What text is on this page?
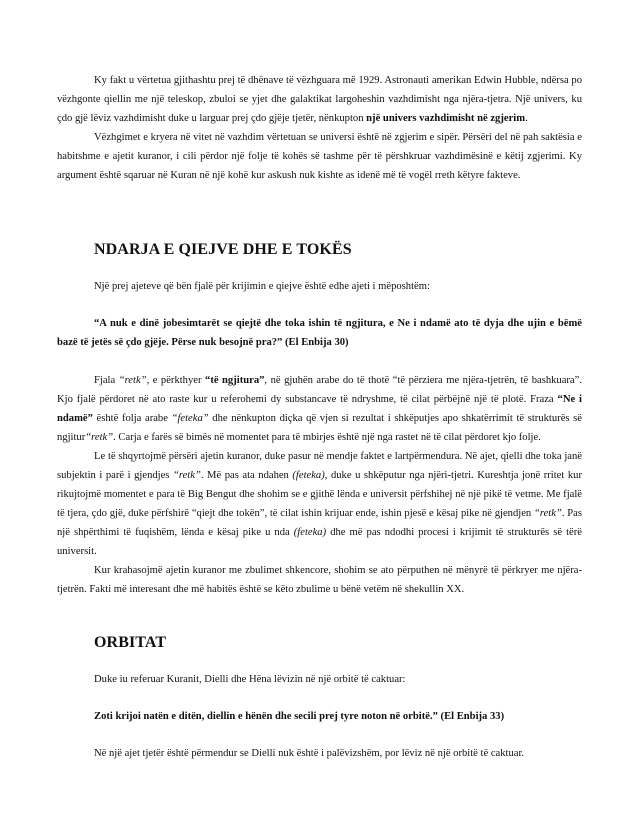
Ky fakt u vërtetua gjithashtu prej të dhënave të vëzhguara më 1929. Astronauti amerikan Edwin Hubble, ndërsa po vëzhgonte qiellin me një teleskop, zbuloi se yjet dhe galaktikat largoheshin vazhdimisht nga njëra-tjetra. Një univers, ku çdo gjë lëviz vazhdimisht duke u larguar prej çdo gjëje tjetër, nënkupton një univers vazhdimisht në zgjerim.

Vëzhgimet e kryera në vitet në vazhdim vërtetuan se universi është në zgjerim e sipër. Përsëri del në pah saktësia e habitshme e ajetit kuranor, i cili përdor një folje të kohës së tashme për të përshkruar vazhdimësinë e këtij zgjerimi. Ky argument është sqaruar në Kuran në një kohë kur askush nuk kishte as idenë më të vogël rreth këtyre fakteve.

NDARJA E QIEJVE DHE E TOKËS

Një prej ajeteve që bën fjalë për krijimin e qiejve është edhe ajeti i mëposhtëm:

“A nuk e dinë jobesimtarët se qiejtë dhe toka ishin të ngjitura, e Ne i ndamë ato të dyja dhe ujin e bëmë bazë të jetës së çdo gjëje. Përse nuk besojnë pra?” (El Enbija 30)

Fjala “retk”, e përkthyer “të ngjitura”, në gjuhën arabe do të thotë “të përziera me njëra-tjetrën, të bashkuara”. Kjo fjalë përdoret në ato raste kur u referohemi dy substancave të ndryshme, të cilat përbëjnë një të plotë. Fraza “Ne i ndamë” është folja arabe “feteka” dhe nënkupton diçka që vjen si rezultat i shkëputjes apo shkatërrimit të strukturës së ngjitur“retk”. Carja e farës së bimës në momentet para të mbirjes është një nga rastet në të cilat përdoret kjo folje.

Le të shqyrtojmë përsëri ajetin kuranor, duke pasur në mendje faktet e lartpërmendura. Në ajet, qielli dhe toka janë subjektin i parë i gjendjes “retk”. Më pas ata ndahen (feteka), duke u shkëputur nga njëri-tjetri. Kureshtja jonë rritet kur rikujtojmë momentet e para të Big Bengut dhe shohim se e gjithë lënda e universit përfshihej në një pikë të vetme. Me fjalë të tjera, çdo gjë, duke përfshirë “qiejt dhe tokën”, të cilat ishin krijuar ende, ishin pjesë e kësaj pike në gjendjen “retk”. Pas një shpërthimi të fuqishëm, lënda e kësaj pike u nda (feteka) dhe më pas ndodhi procesi i krijimit të strukturës së tërë universit.

Kur krahasojmë ajetin kuranor me zbulimet shkencore, shohim se ato përputhen në mënyrë të përkryer me njëra-tjetrën. Fakti më interesant dhe më habitës është se këto zbulime u bënë vetëm në shekullin XX.

ORBITAT

Duke iu referuar Kuranit, Dielli dhe Hëna lëvizin në një orbitë të caktuar:

Zoti krijoi natën e ditën, diellin e hënën dhe secili prej tyre noton në orbitë.” (El Enbija 33)

Në një ajet tjetër është përmendur se Dielli nuk është i palëvizshëm, por lëviz në një orbitë të caktuar.
